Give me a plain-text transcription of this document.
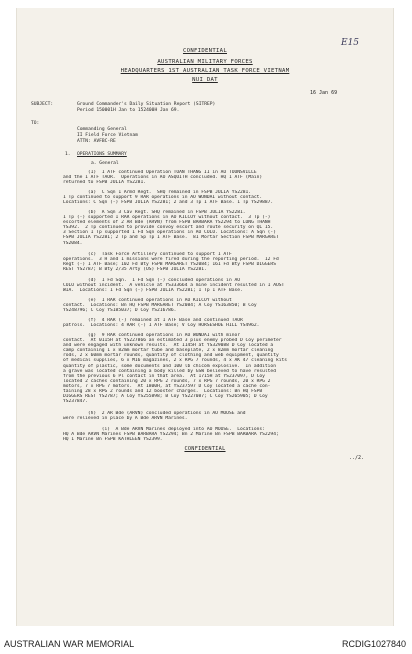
E15
CONFIDENTIAL
AUSTRALIAN MILITARY FORCES
HEADQUARTERS 1ST AUSTRALIAN TASK FORCE VIETNAM
NUI DAT
16 Jan 69
SUBJECT:	Ground Commander's Daily Situation Report (SITREP)
Period 150001H Jan to 152400H Jan 69.
TO:
Commanding General
II Field Force Vietnam
ATTN: AVFBC-RE
1. OPERATIONS SUMMARY
a. General
(1)  1 ATF continued Operation TOAN THANG II in AO TOUNSVILLE
and the 1 ATF TAOR.  Operations in AO ASQUITH concluded. HQ 1 ATF (Main)
returned to FSPB JULIA YS2281.
(a)  C Sqn 1 Armd Regt.  SHQ remained in FSPB JULIA YS2281.
1 Tp continued to support 9 RAR operations in AO WUNDAI without contact.
Locations: C Sqn (-) FSPB JULIA YS2281; 2 and 3 Tp 1 ATF Base. 1 Tp YS29887.
(b)  A Sqn 3 Cav Regt. SHQ remained in FSPB JULIA YS2281.
1 Tp (-) supported 1 RAR operations in AO KILCOY without contact.  3 Tp (-)
escorted elements of 2 AR Bde (ARVN) from FSPB BARBARA YS2294 to LONG THANH
YS392.  2 Tp continued to provide convoy escort and route security on QL 15.
3 Section 1 Tp supported 1 Fd Sqn operations in AO COLO. Locations: A Sqn (-)
FSPB JULIA YS2281; 2 Tp and Sp Tp 1 ATF Base.  81 Mortar Section FSPB MARGARET
YS2084.
(c)  Task Force Artillery continued to support 1 ATF
operations.  3 H and 1 missions were fired during the reporting period.  12 Fd
Regt (-) 1 ATF Base; 102 Fd Bty FSPB MARGARET YS2084; 161 Fd Bty FSPB DIGGERS
REST YS2787; B Bty 2/35 Arty (US) FSPB JULIA YS2281.
(d)  1 Fd Sqn.  1 Fd Sqn (-) concluded operations in AO
COLO without incident.  A vehicle at YS333664 a mine incident resulted in 1 AUST
WIA.  Locations: 1 Fd Sqn (-) FSPB JULIA YS2281; 1 Tp 1 ATF Base.
(e)  1 RAR continued operations in AO KILCOY without
contact.  Locations: Bn HQ FSPB MARGARET YS2084; A Coy YS163850; B Coy
YS248796; C Coy YS185037; D Coy YS216786.
(f)  4 RAR (-) remained at 1 ATF Base and continued TAOR
patrols.  Locations: 4 RAR (-) 1 ATF Base; V Coy HORSESHOE HILL YS4962.
(g)  9 RAR continued operations in AO WUNDAI with minor
contact.  At 0115H at YS227866 an estimated 3 plus enemy probed D Coy perimeter
and were engaged with unknown results.  At 1145H at YS329088 D Coy located a
camp containing 1 x 82mm mortar tube and baseplate, 2 x 82mm mortar cleaning
rods, 2 x 60mm mortar rounds, quantity of clothing and web equipment, quantity
of medical supplies, 6 x M16 magazines, 2 x RPG 7 rounds, 4 x AK 47 cleaning kits
quantity of plastic, some documents and 100 lb chicom explosive.  In addition
a grave was located containing a body killed by GSW believed to have resulted
from the previous 6 Pl contact in that area.  At 1715H at YS237097, D Coy
located 2 caches containing 20 x RPG 2 rounds, 7 x RPG 7 rounds, 20 x RPG 2
motors, 7 x RPG 7 motors.  At 1800H, at YS237597 D Coy located a cache con-
taining 28 x RPG 2 rounds and 12 booster charges.  Locations: Bn HQ FSPB
DIGGERS REST YS2787; A Coy YS255898; B Coy YS227087; C Coy YS265905; D Coy
YS237847.
(h)  2 AR Bde (ARVN) concluded operations in AO MOOSE and
were relieved in place by A Bde ARVN Marines.
(i)  A Bde ARVN Marines deployed into AO MOOSE.  Locations:
HQ A Bde ARVN Marines FSPB BARBARA YS2294; Bn 2 Marine Bn FSPB BARBARA YS2294;
HQ 1 Marine Bn FSPB KATHLEEN YS2399.
CONFIDENTIAL
../2.
AUSTRALIAN WAR MEMORIAL	RCDIG1027840
